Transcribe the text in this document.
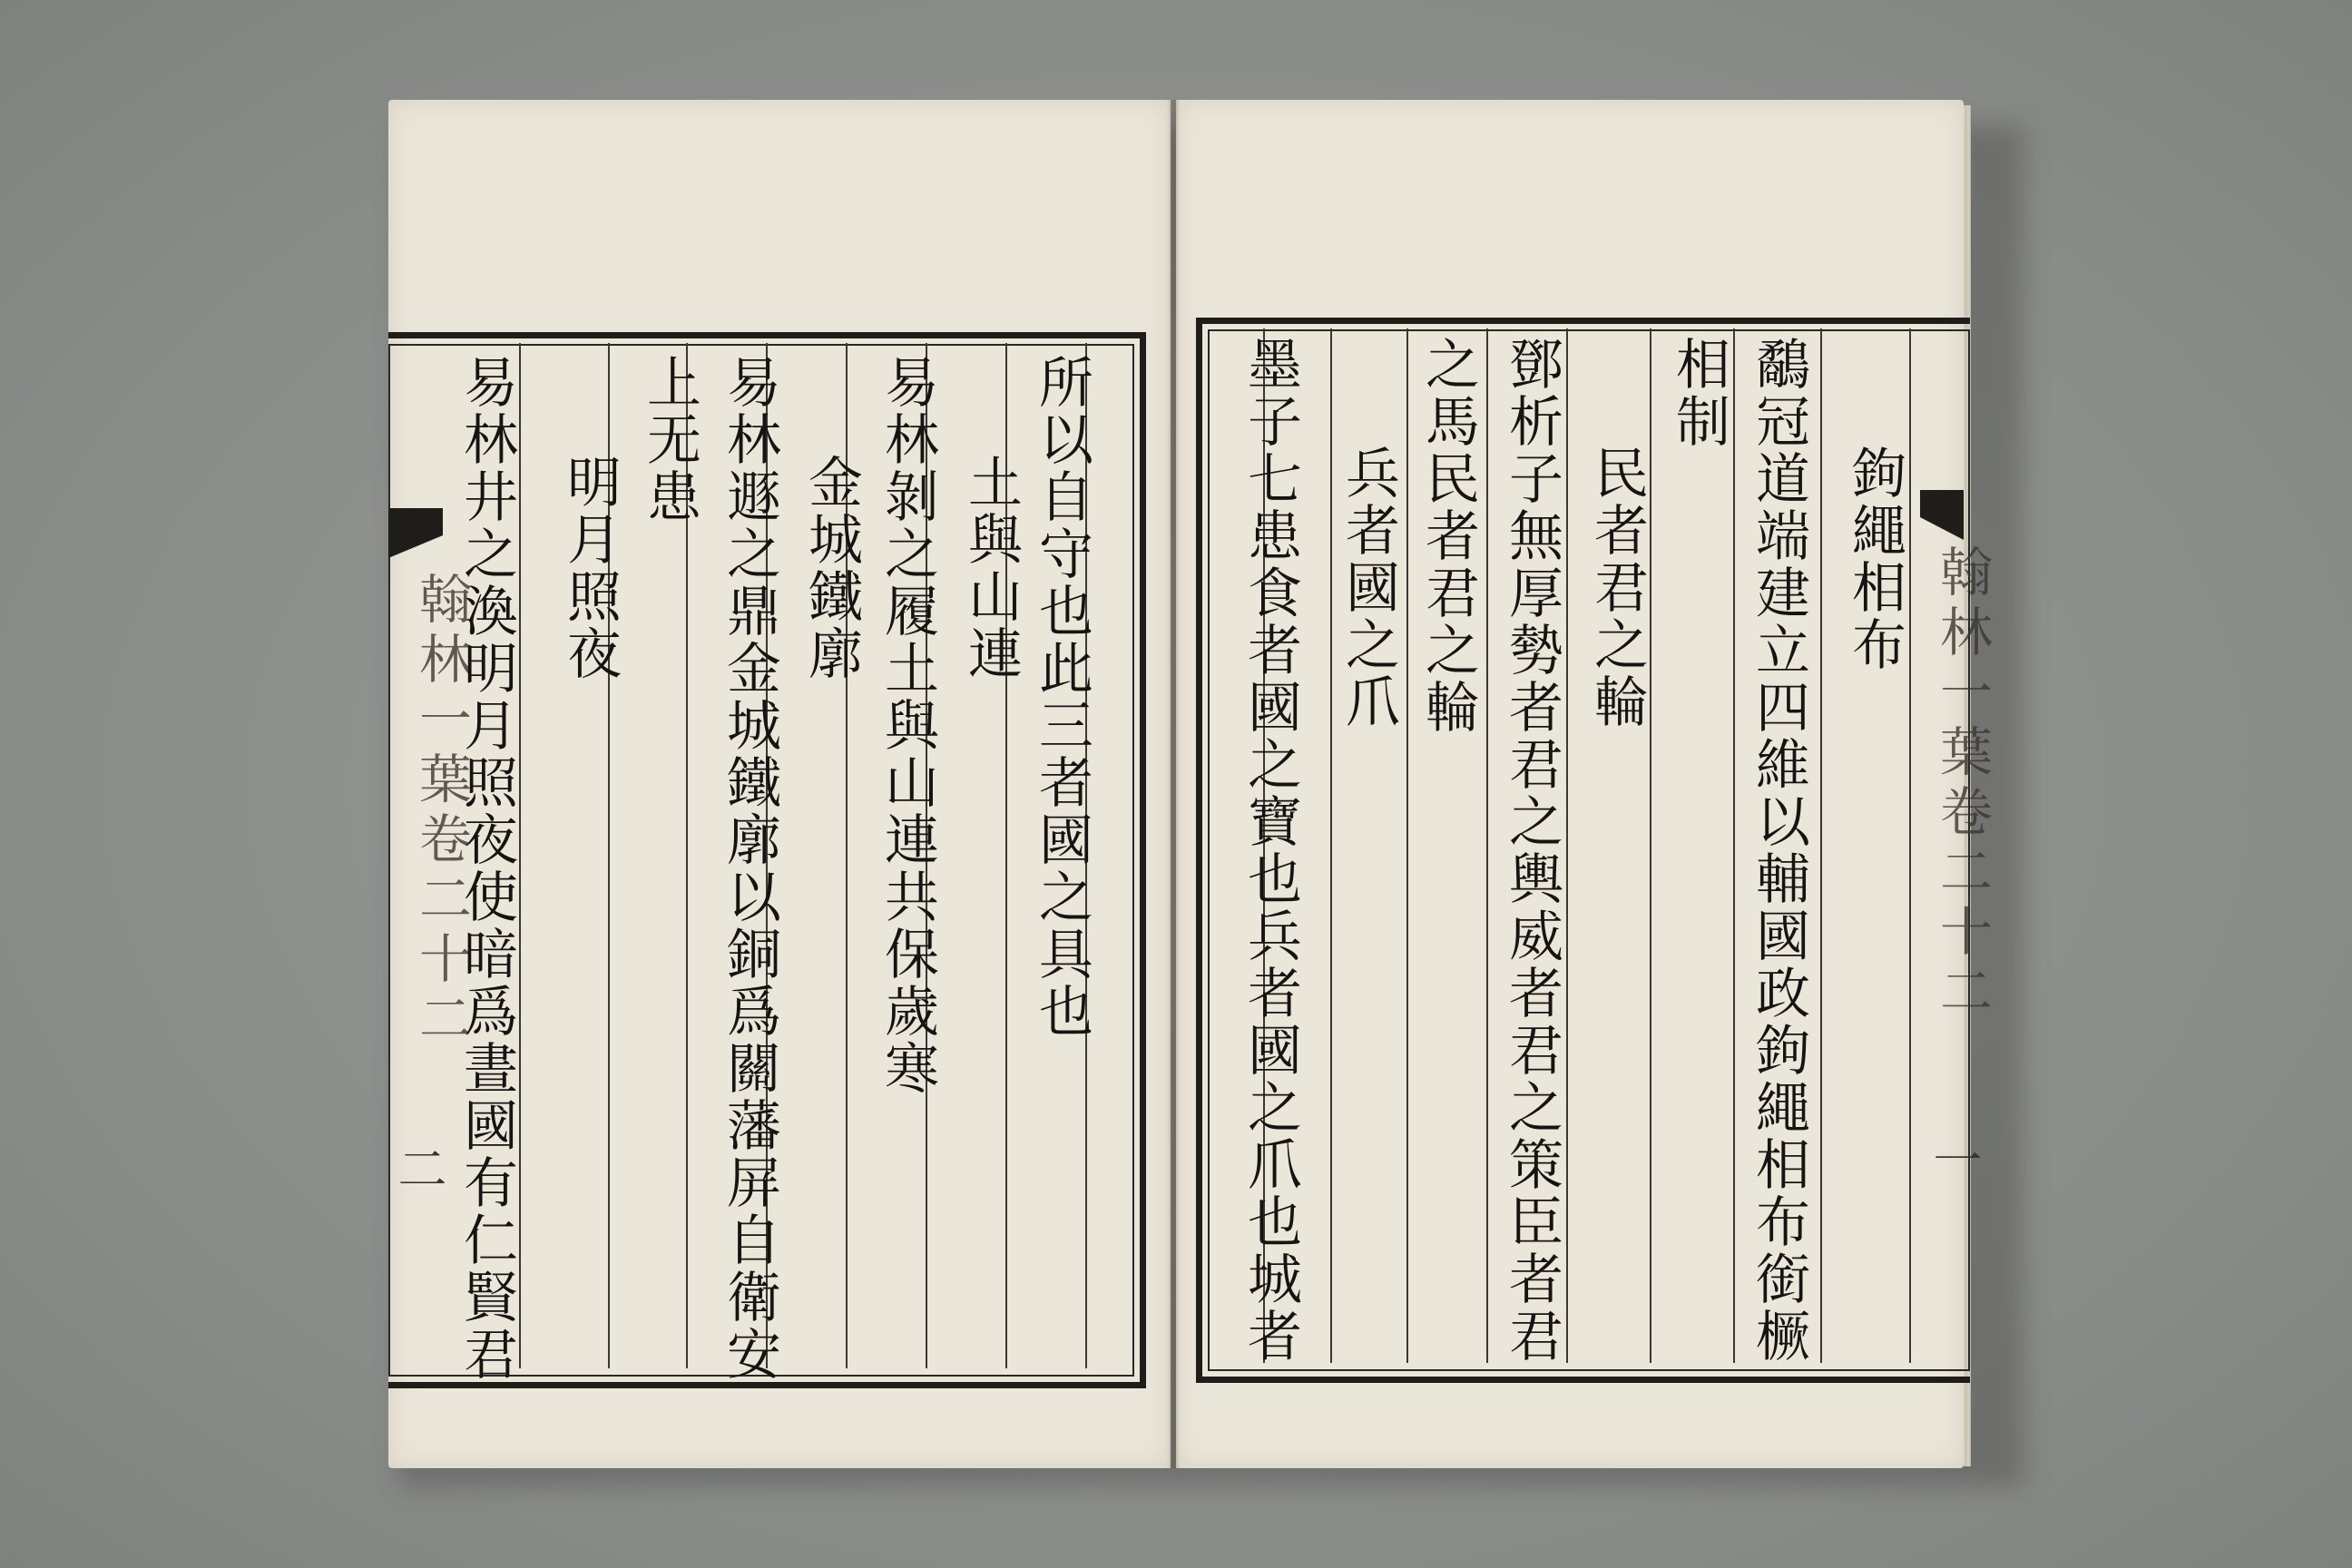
翰林一葉卷二十二
二
所以自守也此三者國之具也
土與山連
易林剝之履土與山連共保歲寒
金城鐵廓
易林遯之鼎金城鐵廓以銅爲關藩屏自衛安
上无患
明月照夜
易林井之渙明月照夜使暗爲晝國有仁賢君	翰林一葉卷二十二
一
鉤繩相布
鷸冠道端建立四維以輔國政鉤繩相布銜橛
相制
民者君之輪
鄧析子無厚勢者君之輿威者君之策臣者君
之馬民者君之輪
兵者國之爪
墨子七患食者國之寶也兵者國之爪也城者
